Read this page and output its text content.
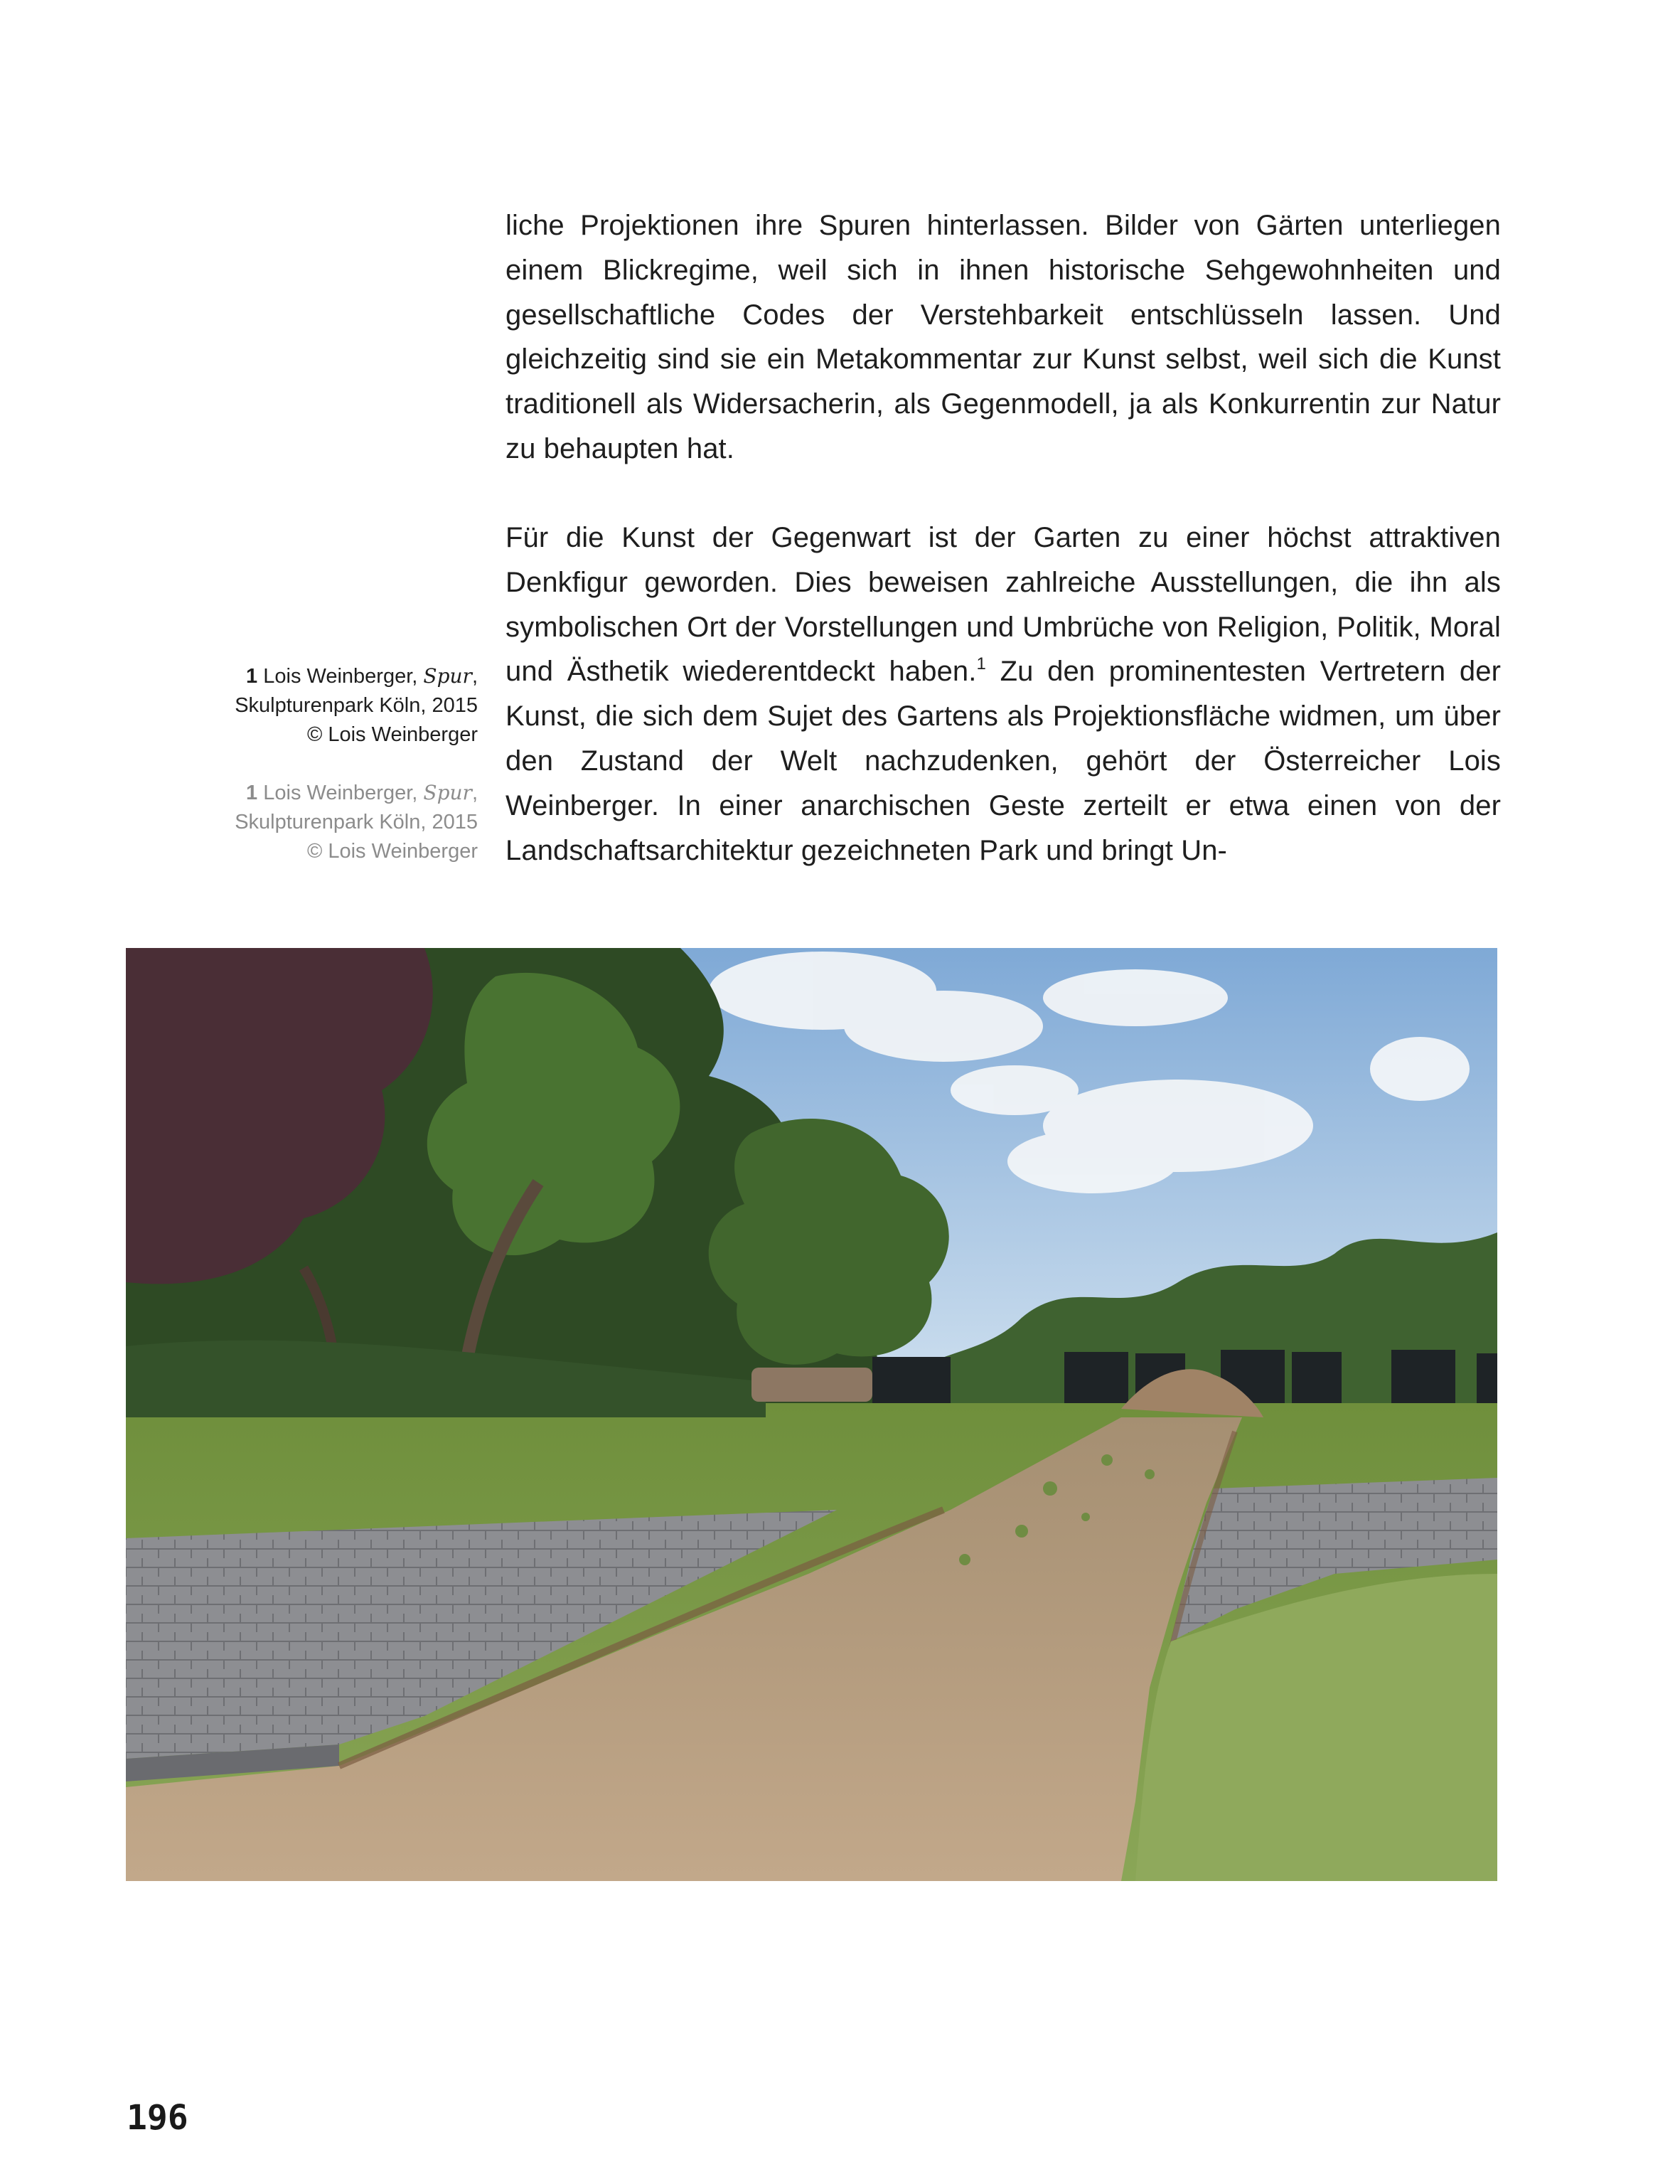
liche Projektionen ihre Spuren hinterlassen. Bilder von Gärten unterliegen einem Blickregime, weil sich in ihnen historische Sehgewohnheiten und gesellschaftliche Codes der Verstehbarkeit entschlüsseln lassen. Und gleichzeitig sind sie ein Metakommentar zur Kunst selbst, weil sich die Kunst traditionell als Widersacherin, als Gegenmodell, ja als Konkurrentin zur Natur zu behaupten hat.

Für die Kunst der Gegenwart ist der Garten zu einer höchst attraktiven Denkfigur geworden. Dies beweisen zahlreiche Ausstellungen, die ihn als symbolischen Ort der Vorstellungen und Umbrüche von Religion, Politik, Moral und Ästhetik wiederentdeckt haben.$^1$ Zu den prominentesten Vertretern der Kunst, die sich dem Sujet des Gartens als Projektionsfläche widmen, um über den Zustand der Welt nachzudenken, gehört der Österreicher Lois Weinberger. In einer anarchischen Geste zerteilt er etwa einen von der Landschaftsarchitektur gezeichneten Park und bringt Un-

1 Lois Weinberger, Spur,
Skulpturenpark Köln, 2015
© Lois Weinberger
1 Lois Weinberger, Spur,
Skulpturenpark Köln, 2015
© Lois Weinberger
196
